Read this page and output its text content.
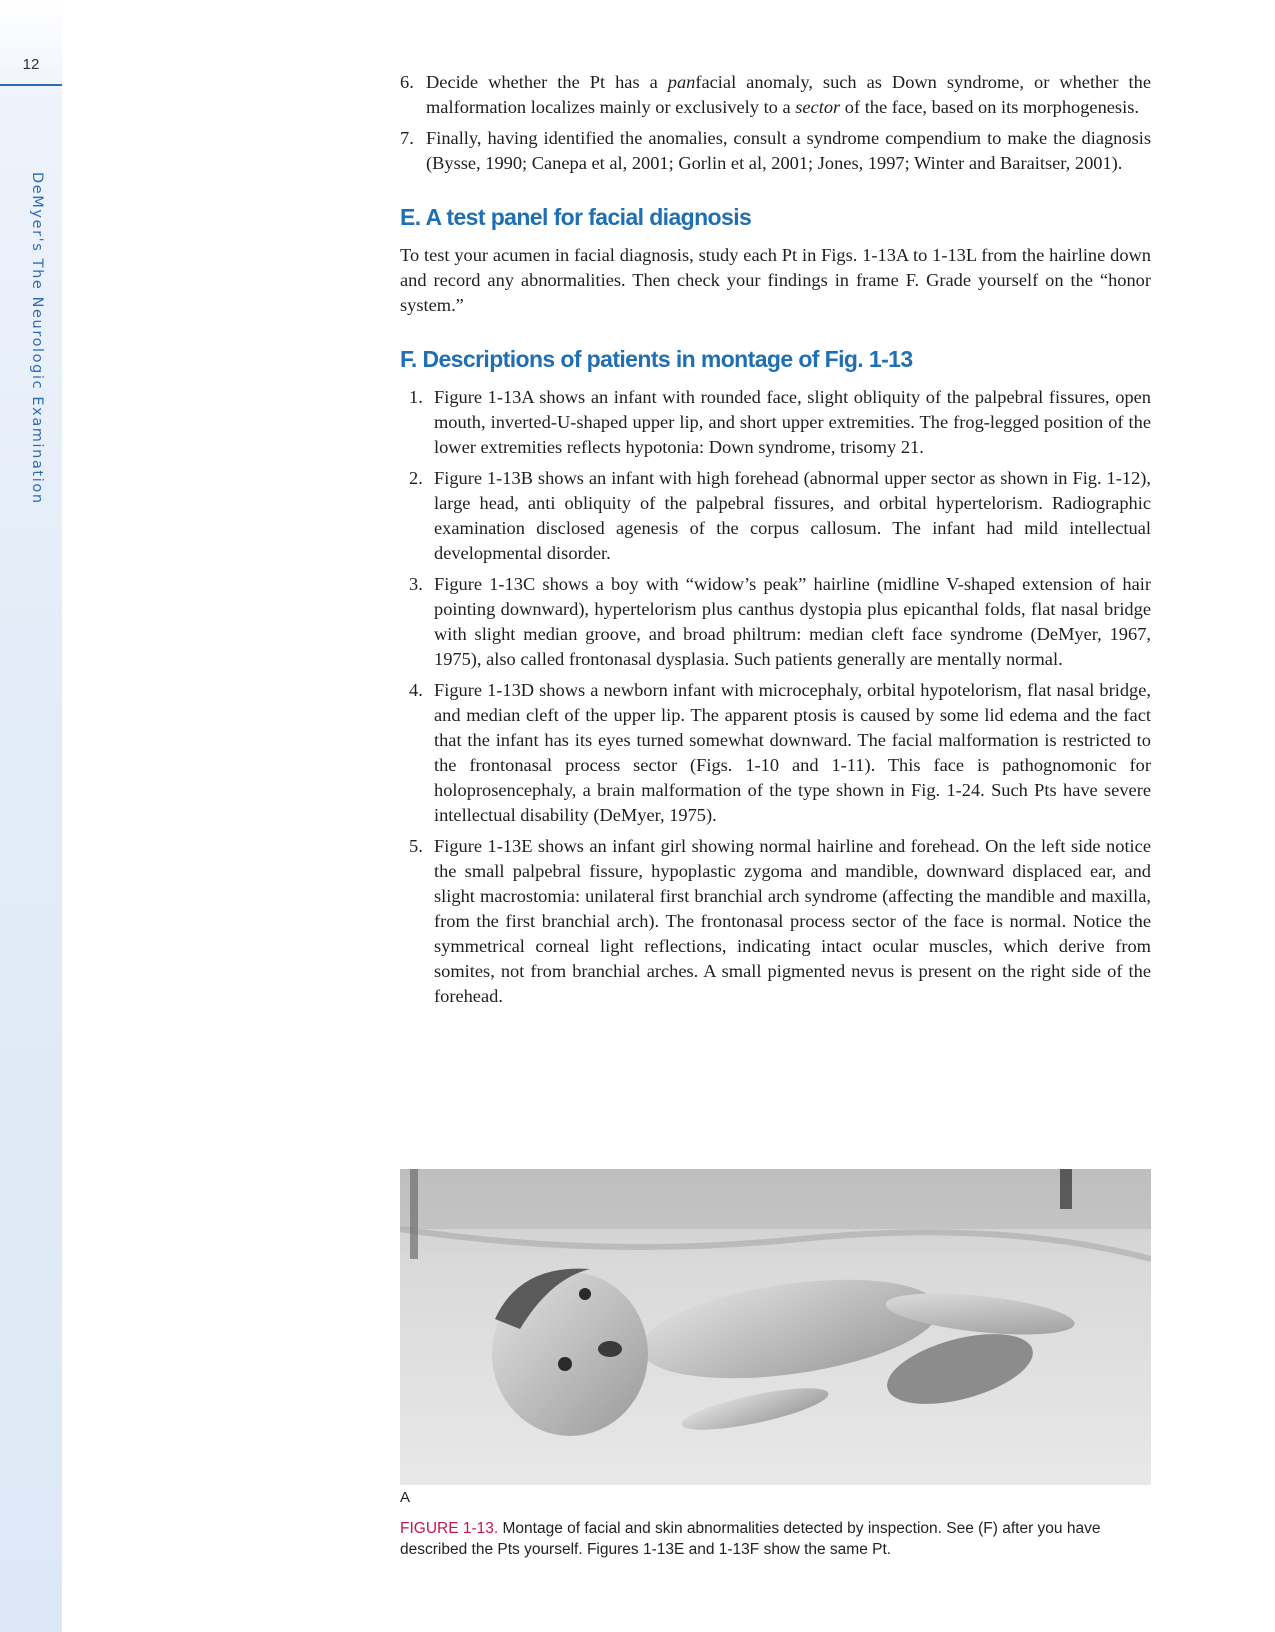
12
DeMyer's The Neurologic Examination
6. Decide whether the Pt has a panfacial anomaly, such as Down syndrome, or whether the malformation localizes mainly or exclusively to a sector of the face, based on its morphogenesis.
7. Finally, having identified the anomalies, consult a syndrome compendium to make the diagnosis (Bysse, 1990; Canepa et al, 2001; Gorlin et al, 2001; Jones, 1997; Winter and Baraitser, 2001).
E. A test panel for facial diagnosis

To test your acumen in facial diagnosis, study each Pt in Figs. 1-13A to 1-13L from the hairline down and record any abnormalities. Then check your findings in frame F. Grade yourself on the “honor system.”

F. Descriptions of patients in montage of Fig. 1-13
1. Figure 1-13A shows an infant with rounded face, slight obliquity of the palpebral fissures, open mouth, inverted-U-shaped upper lip, and short upper extremities. The frog-legged position of the lower extremities reflects hypotonia: Down syndrome, trisomy 21.
2. Figure 1-13B shows an infant with high forehead (abnormal upper sector as shown in Fig. 1-12), large head, anti obliquity of the palpebral fissures, and orbital hypertelorism. Radiographic examination disclosed agenesis of the corpus callosum. The infant had mild intellectual developmental disorder.
3. Figure 1-13C shows a boy with “widow’s peak” hairline (midline V-shaped extension of hair pointing downward), hypertelorism plus canthus dystopia plus epicanthal folds, flat nasal bridge with slight median groove, and broad philtrum: median cleft face syndrome (DeMyer, 1967, 1975), also called frontonasal dysplasia. Such patients generally are mentally normal.
4. Figure 1-13D shows a newborn infant with microcephaly, orbital hypotelorism, flat nasal bridge, and median cleft of the upper lip. The apparent ptosis is caused by some lid edema and the fact that the infant has its eyes turned somewhat downward. The facial malformation is restricted to the frontonasal process sector (Figs. 1-10 and 1-11). This face is pathognomonic for holoprosencephaly, a brain malformation of the type shown in Fig. 1-24. Such Pts have severe intellectual disability (DeMyer, 1975).
5. Figure 1-13E shows an infant girl showing normal hairline and forehead. On the left side notice the small palpebral fissure, hypoplastic zygoma and mandible, downward displaced ear, and slight macrostomia: unilateral first branchial arch syndrome (affecting the mandible and maxilla, from the first branchial arch). The frontonasal process sector of the face is normal. Notice the symmetrical corneal light reflections, indicating intact ocular muscles, which derive from somites, not from branchial arches. A small pigmented nevus is present on the right side of the forehead.
A

FIGURE 1-13. Montage of facial and skin abnormalities detected by inspection. See (F) after you have described the Pts yourself. Figures 1-13E and 1-13F show the same Pt.
